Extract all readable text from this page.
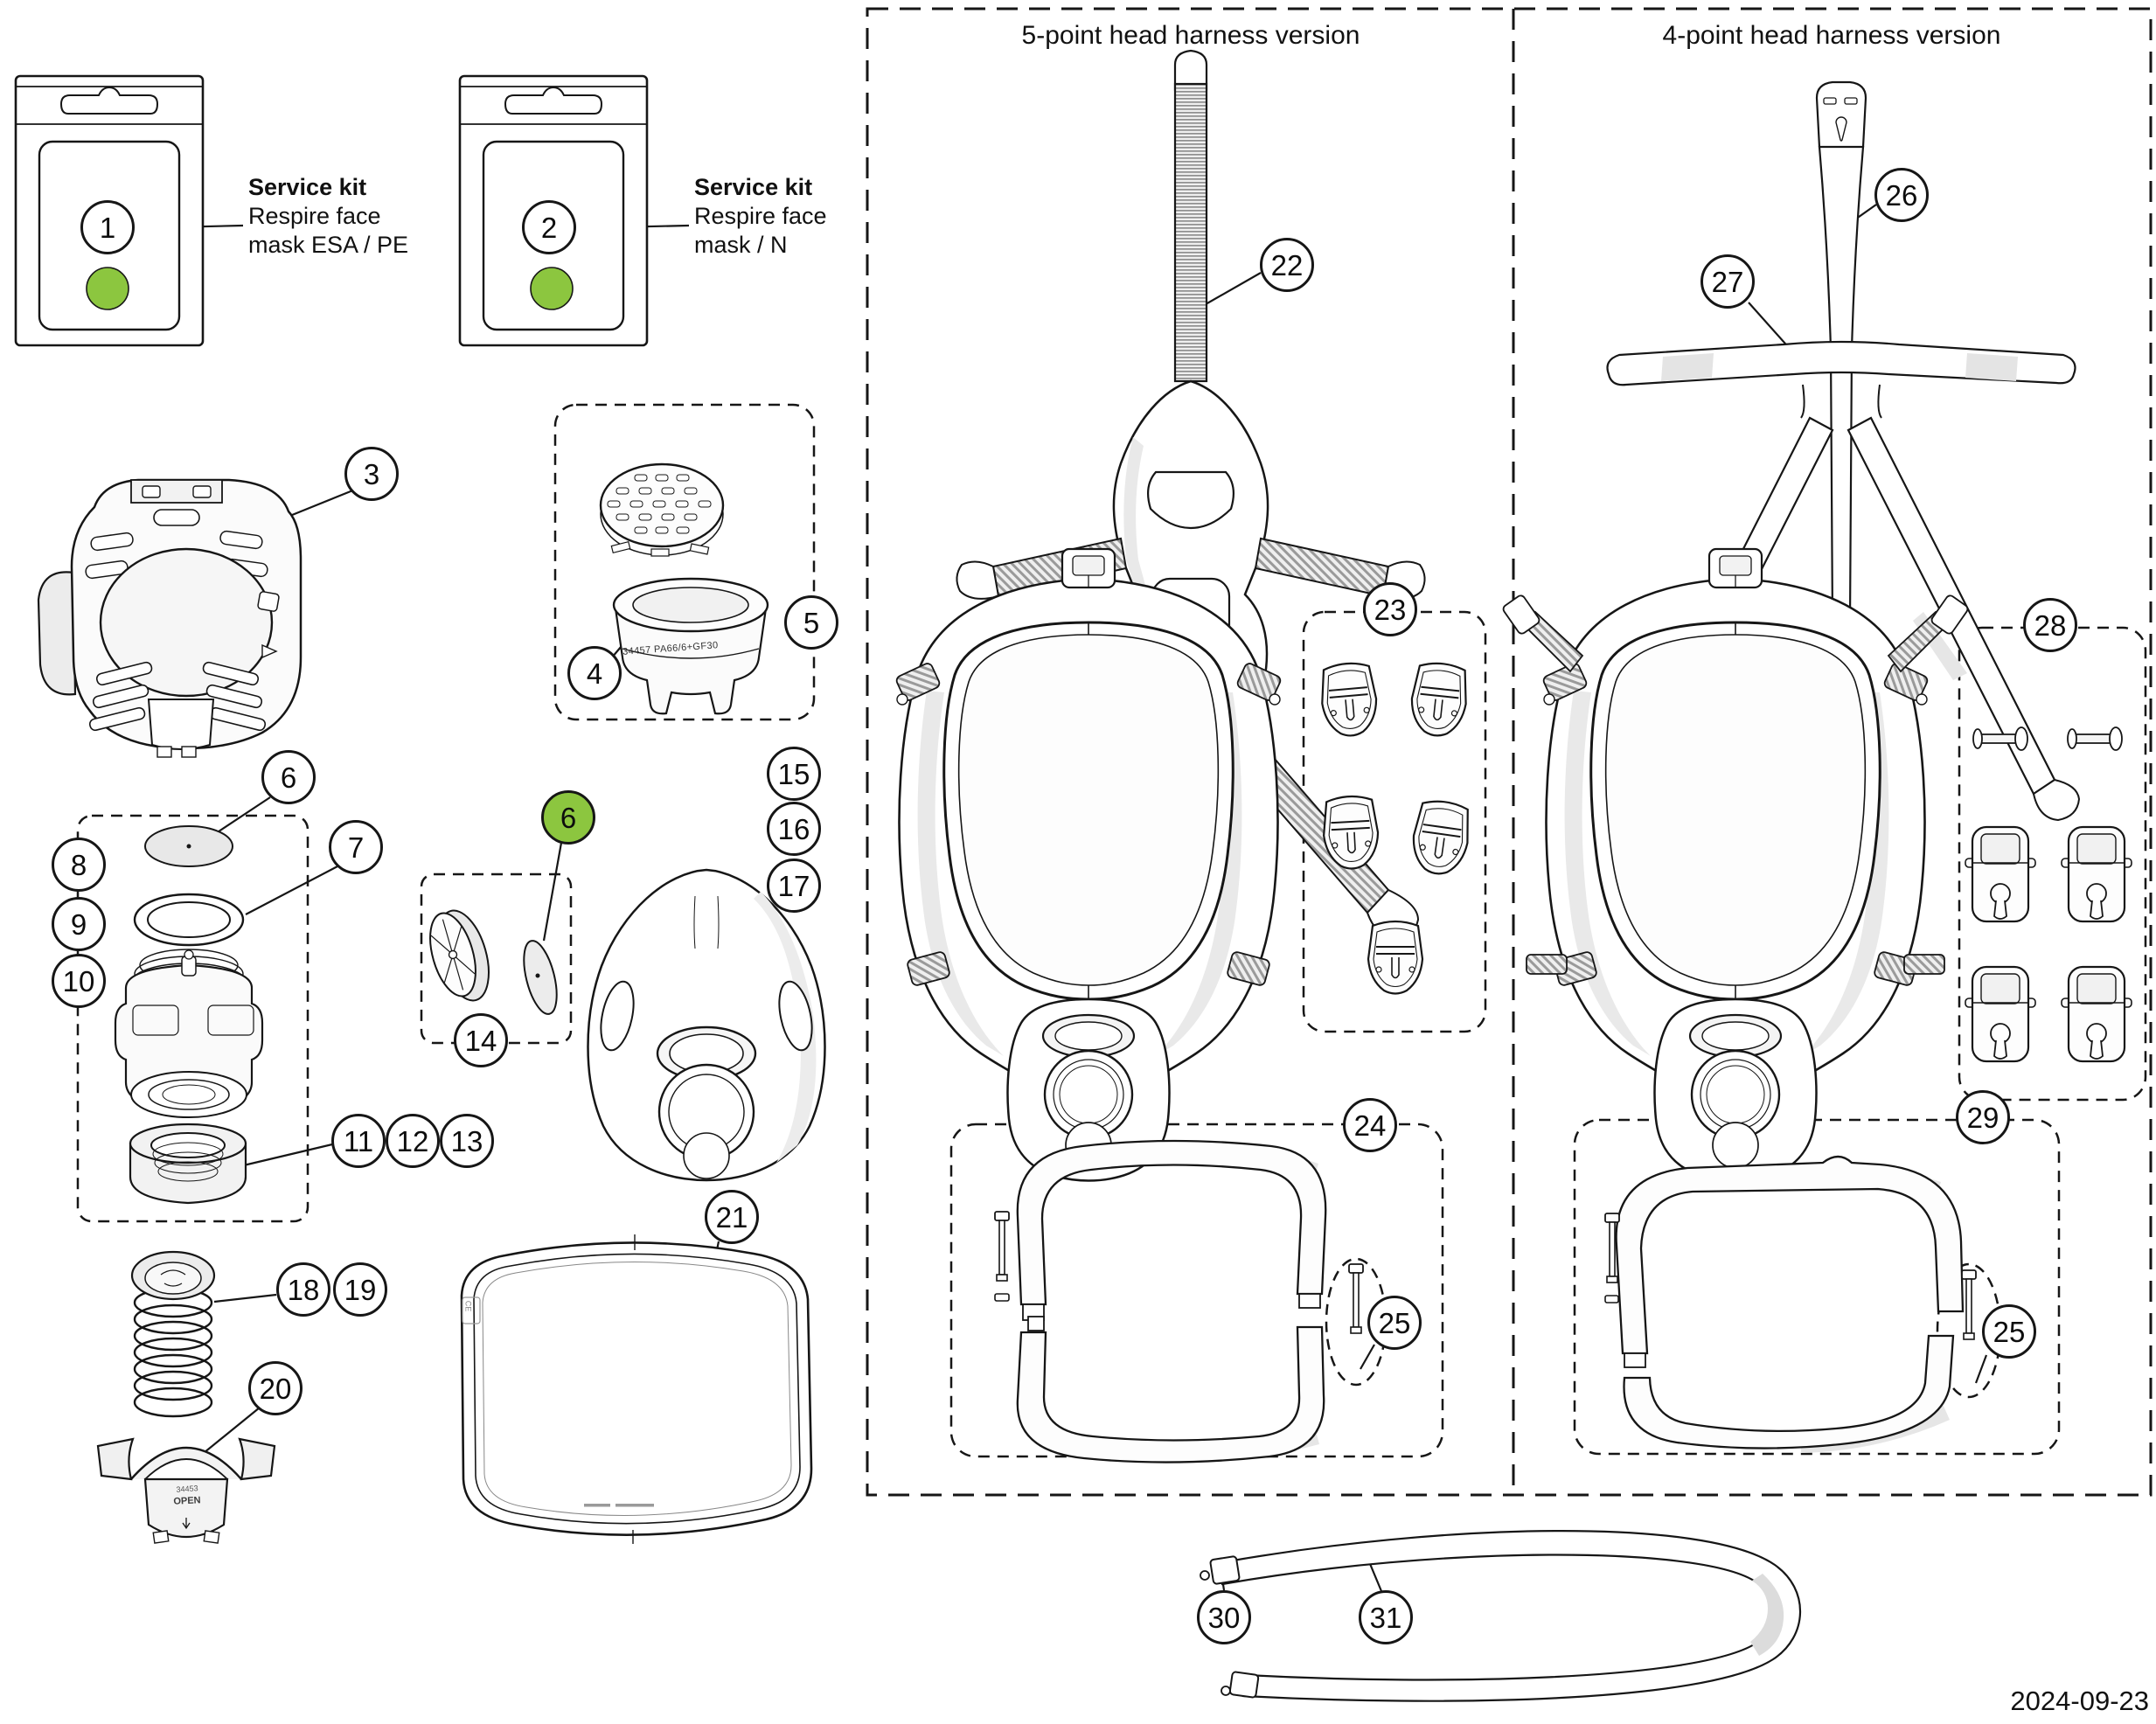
5-point head harness version	4-point head harness version
Service kit
Respire face
mask ESA / PE
Service kit
Respire face
mask / N
34457 PA66/6+GF30
34453
OPEN
CE
2024-09-23
1	2
3
4
5
6
7
8
9
10
11 12 13
6
14
15
16
17
18 19
20
21
22
23
24
25
26
27
28
29
25
30	31
